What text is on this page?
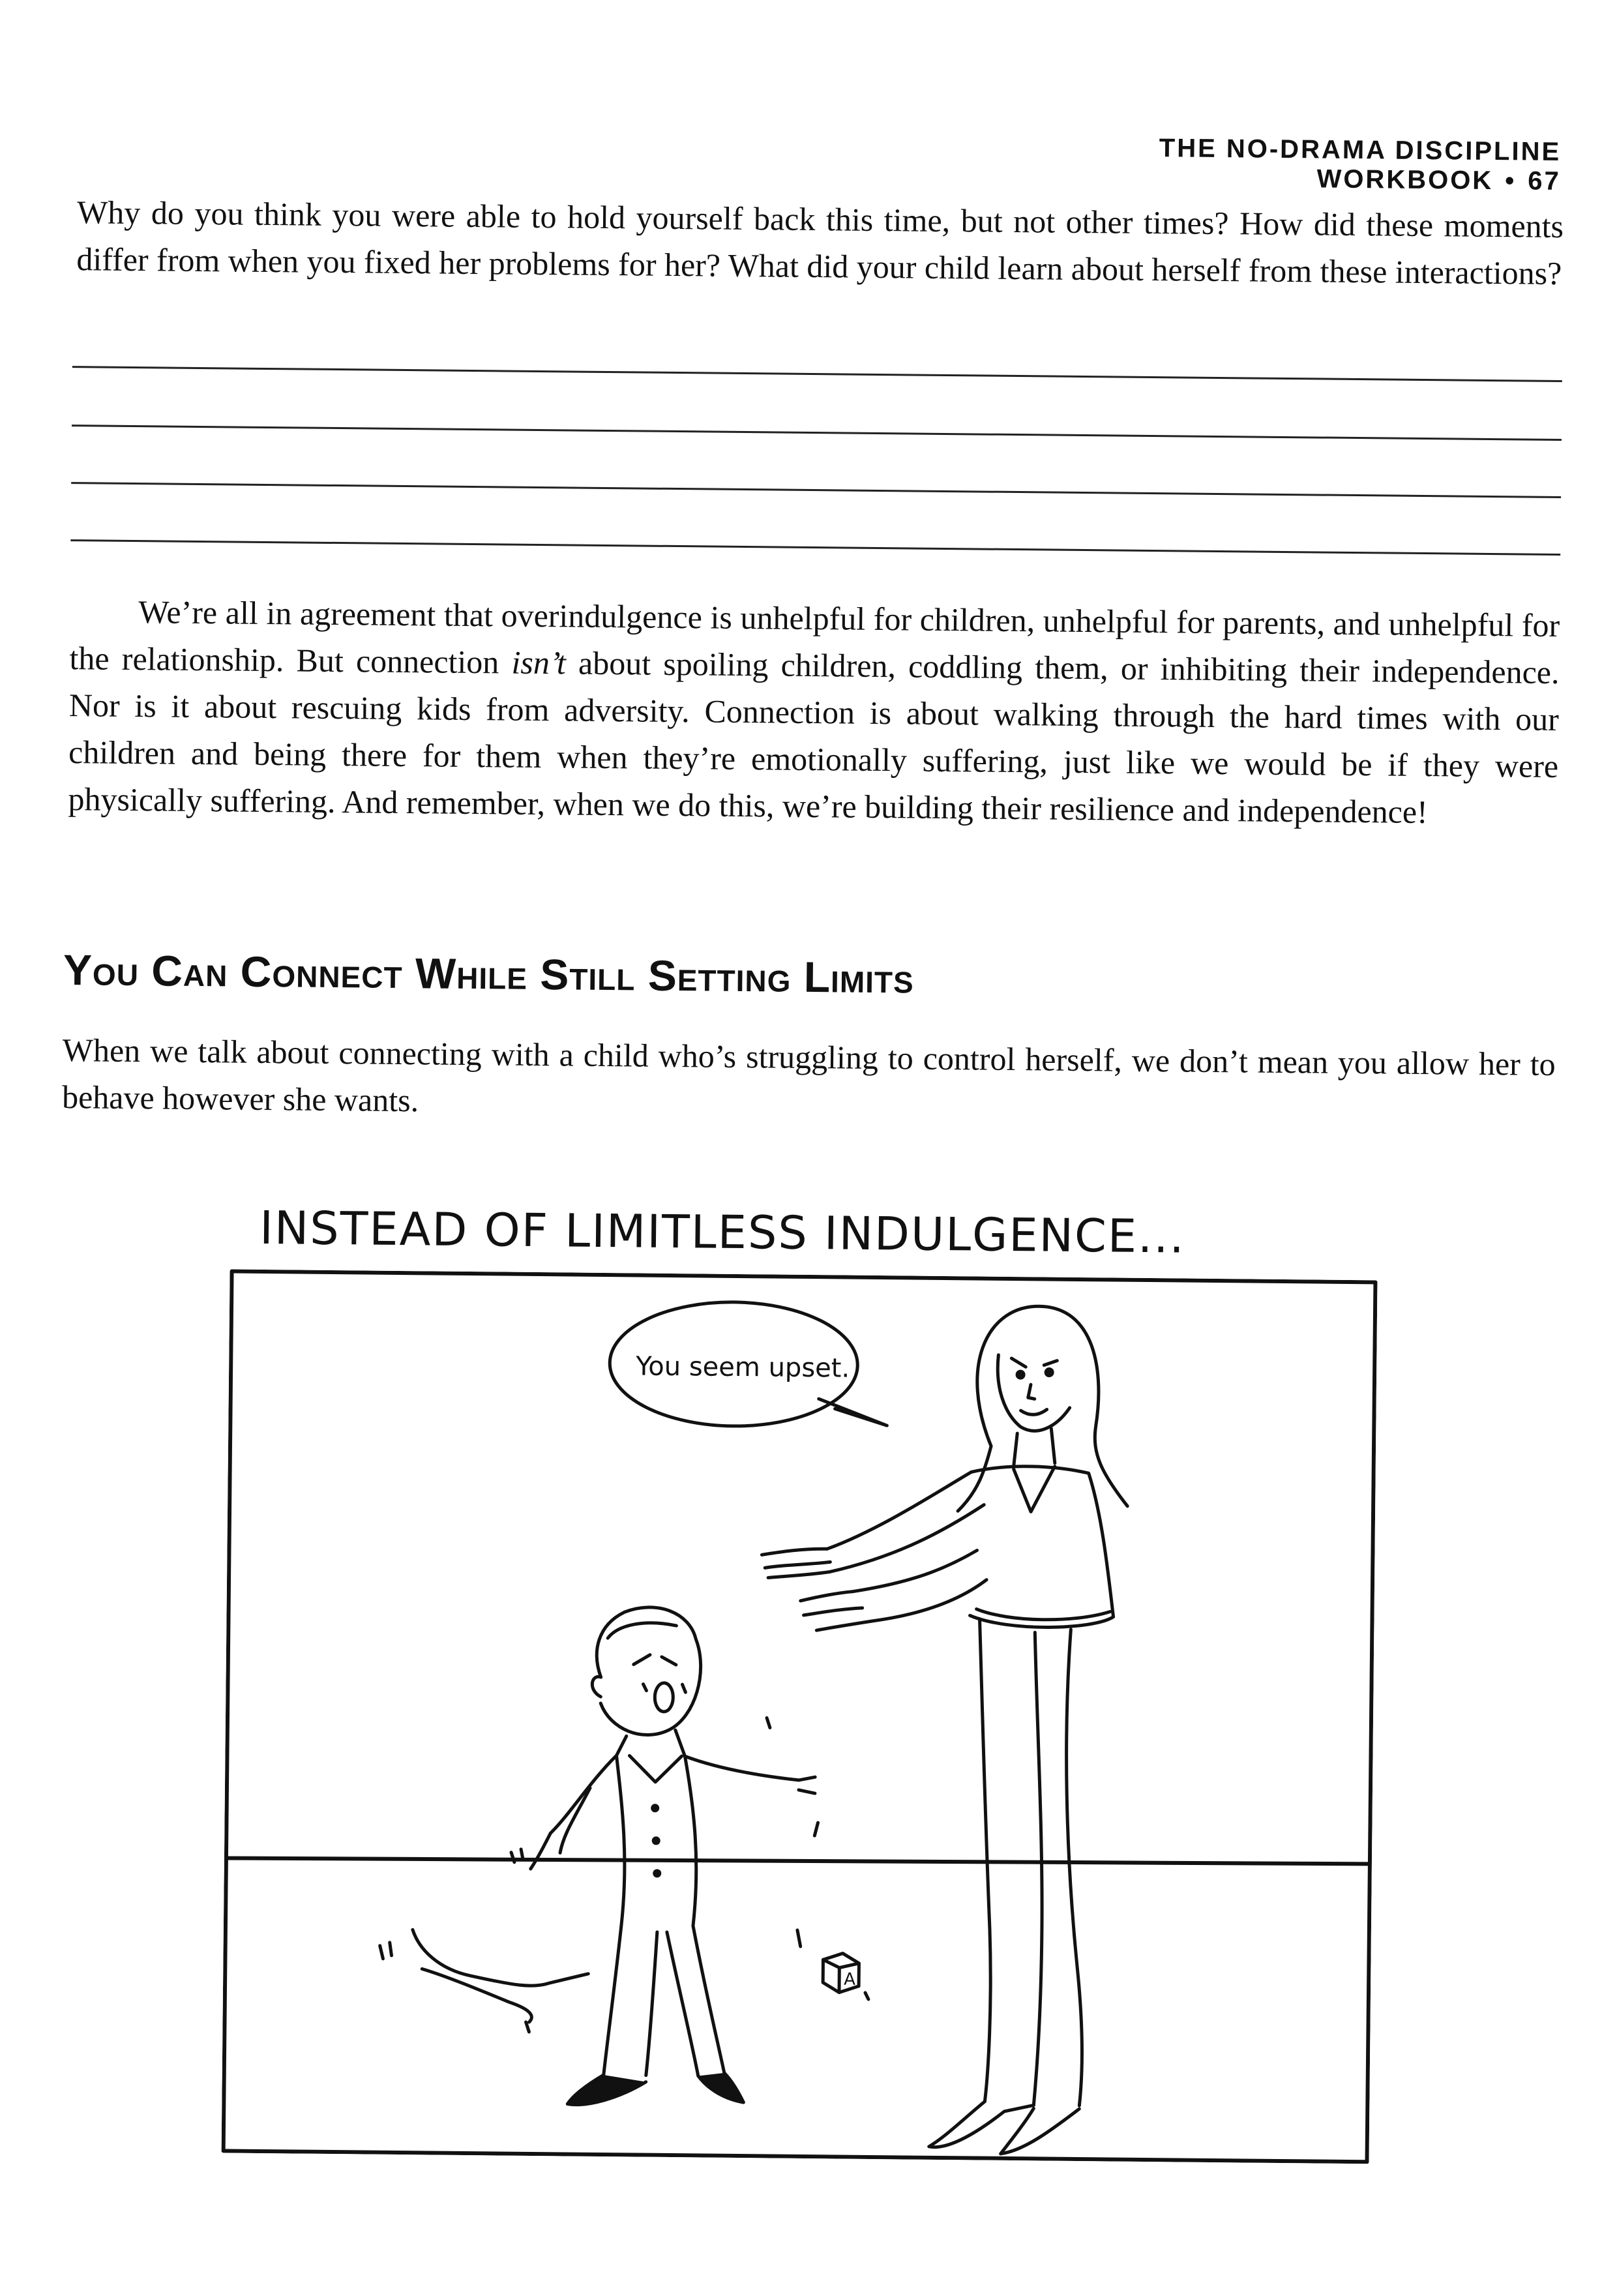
THE NO-DRAMA DISCIPLINE WORKBOOK • 67

Why do you think you were able to hold yourself back this time, but not other times? How did these moments differ from when you fixed her problems for her? What did your child learn about herself from these interactions?

We’re all in agreement that overindulgence is unhelpful for children, unhelpful for parents, and unhelpful for the relationship. But connection isn’t about spoiling children, coddling them, or inhibiting their independence. Nor is it about rescuing kids from adversity. Connection is about walking through the hard times with our children and being there for them when they’re emotionally suffering, just like we would be if they were physically suffering. And remember, when we do this, we’re building their resilience and independence!

You Can Connect While Still Setting Limits

When we talk about connecting with a child who’s struggling to control herself, we don’t mean you allow her to behave however she wants.

INSTEAD OF LIMITLESS INDULGENCE...
A
You seem upset.
